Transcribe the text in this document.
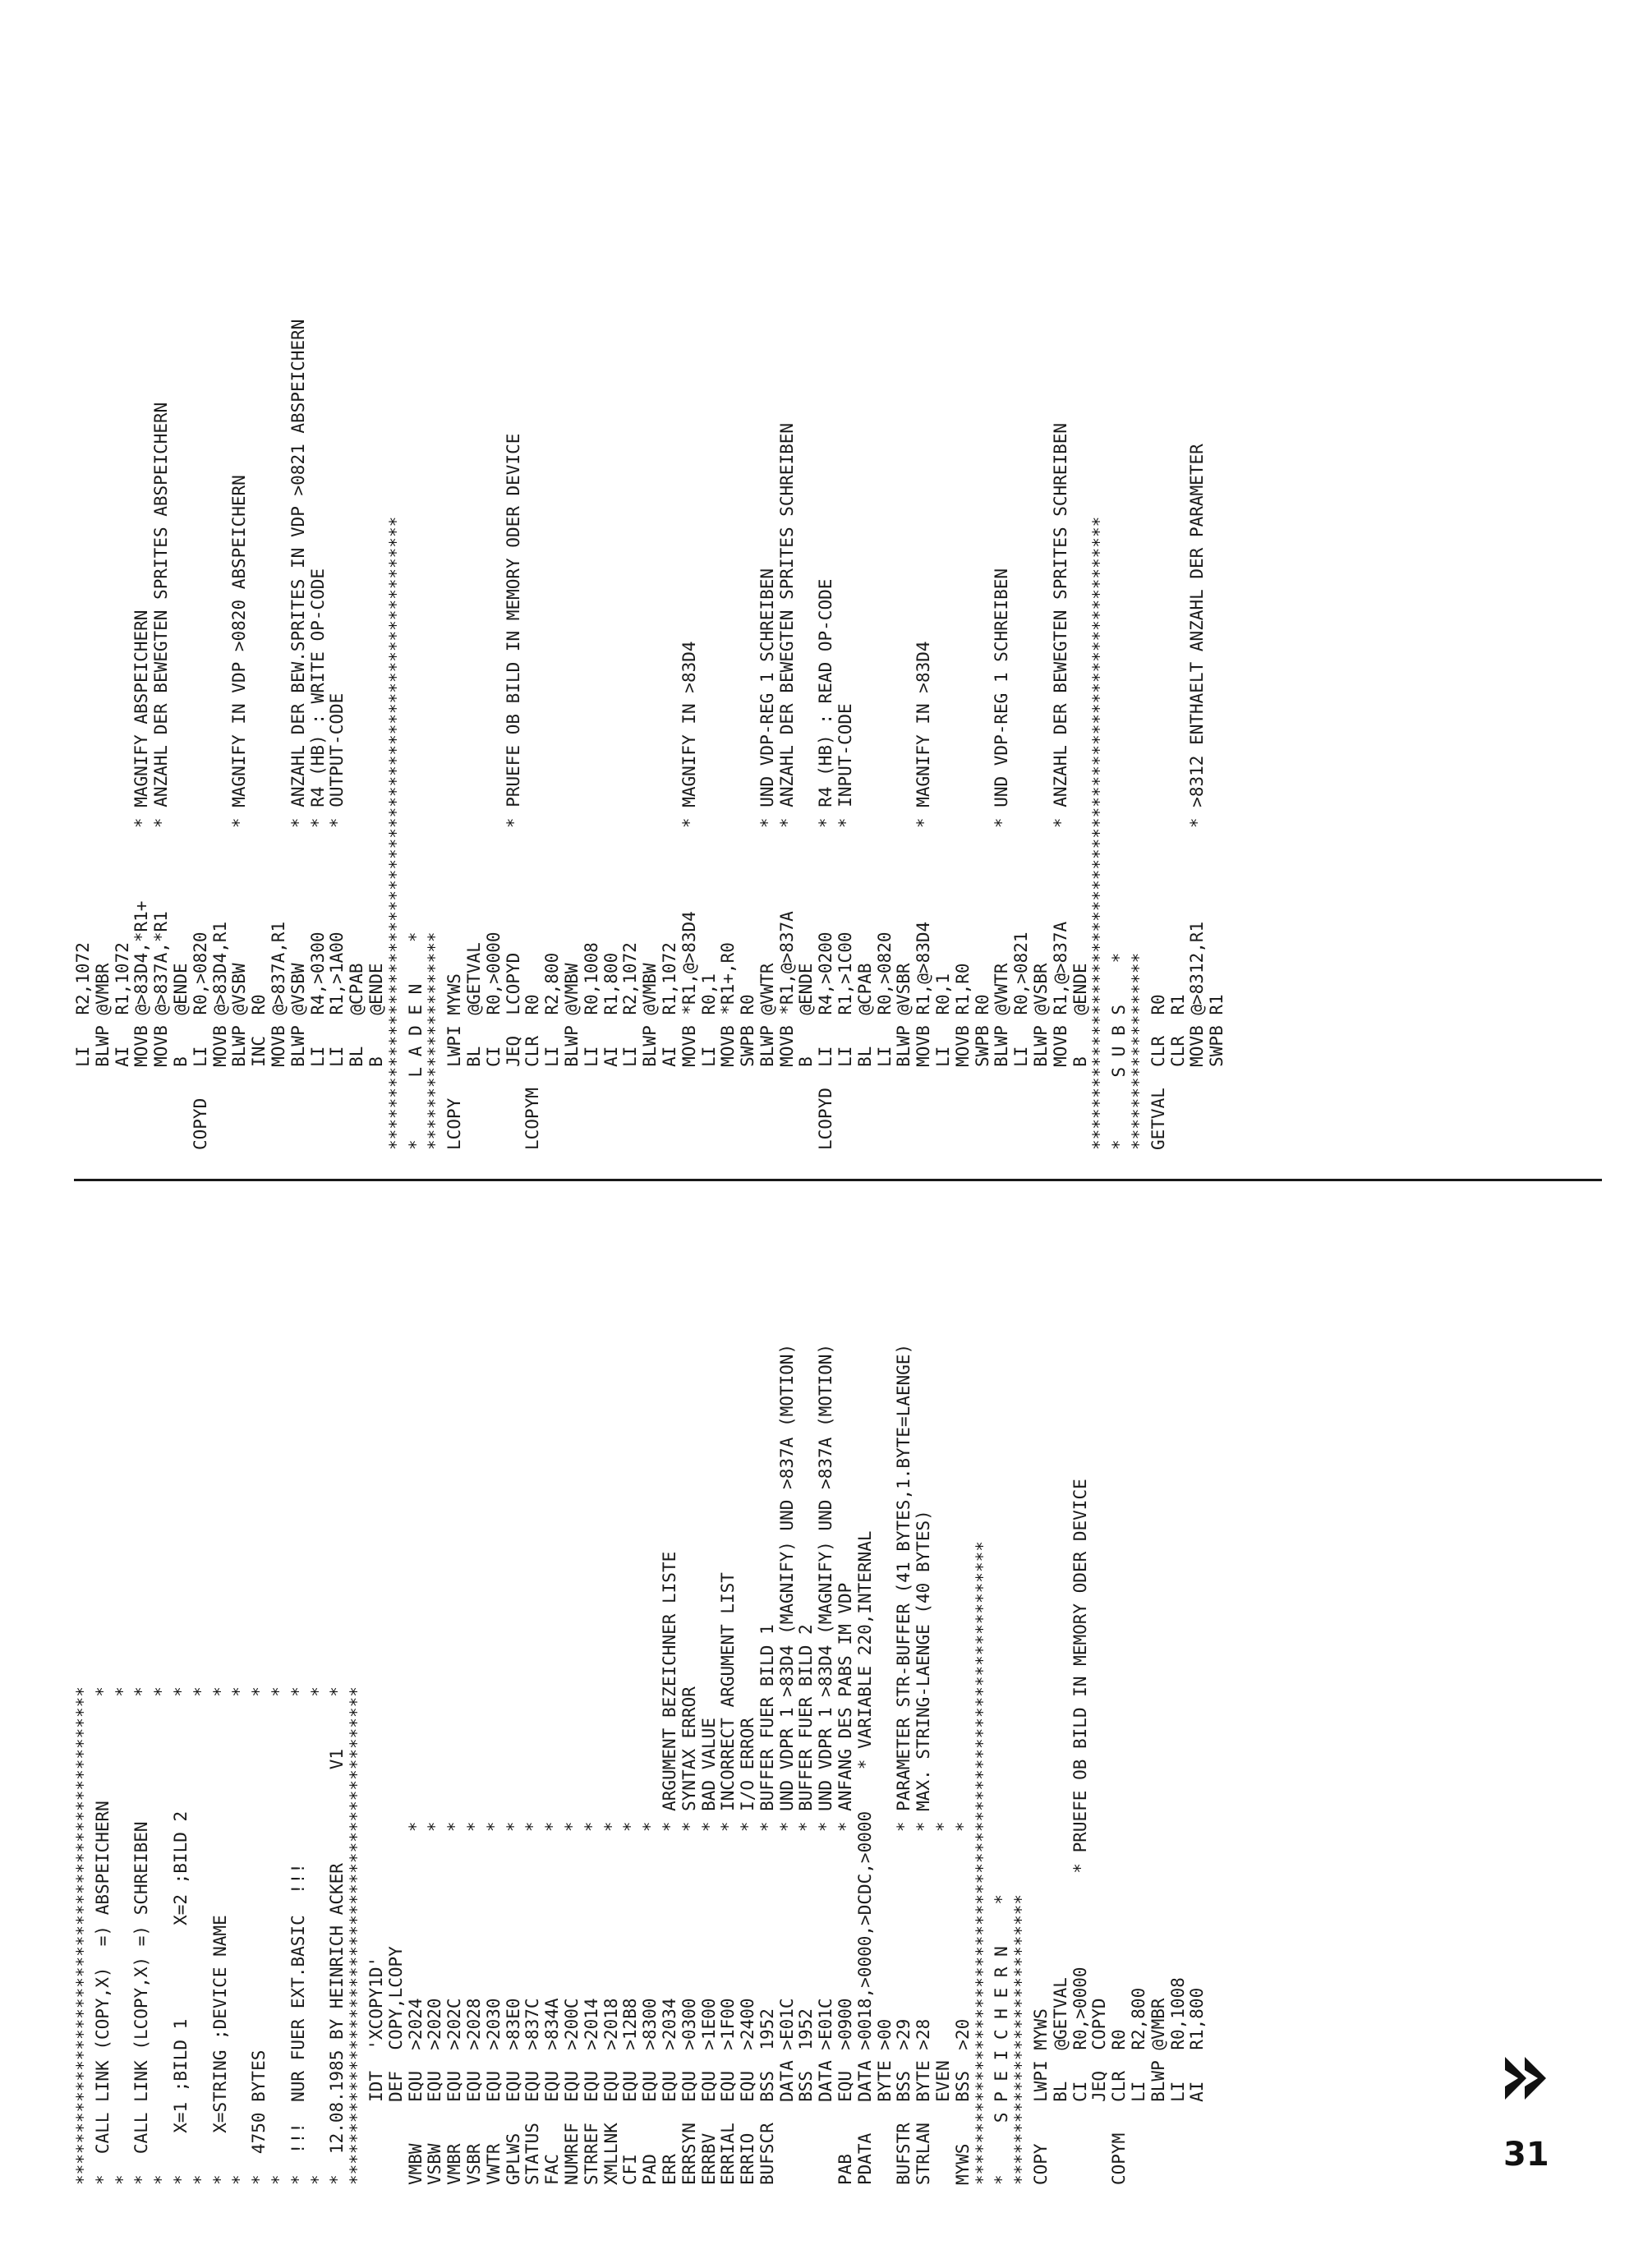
************************************************
*  CALL LINK (COPY,X)  =) ABSPEICHERN          *
*                                              *
*  CALL LINK (LCOPY,X) =) SCHREIBEN            *
*                                              *
*    X=1 ;BILD 1         X=2 ;BILD 2           *
*                                              *
*    X=STRING ;DEVICE NAME                     *
*                                              *
*  4750 BYTES                                  *
*                                              *
*  !!!  NUR FUER EXT.BASIC  !!!                *
*                                              *
*  12.08.1985 BY HEINRICH ACKER         V1     *
************************************************
IDT  'XCOPY1D'
DEF  COPY,LCOPY
VMBW    EQU  >2024                *
VSBW    EQU  >2020                *
VMBR    EQU  >202C                *
VSBR    EQU  >2028                *
VWTR    EQU  >2030                *
GPLWS   EQU  >83E0                *
STATUS  EQU  >837C                *
FAC     EQU  >834A                *
NUMREF  EQU  >200C                *
STRREF  EQU  >2014                *
XMLLNK  EQU  >2018                *
CFI     EQU  >12B8                *
PAD     EQU  >8300                *
ERR     EQU  >2034                * ARGUMENT BEZEICHNER LISTE
ERRSYN  EQU  >0300                * SYNTAX ERROR
ERRBV   EQU  >1E00                * BAD VALUE
ERRIAL  EQU  >1F00                * INCORRECT ARGUMENT LIST
ERRIO   EQU  >2400                * I/O ERROR
BUFSCR  BSS  1952                 * BUFFER FUER BILD 1
DATA >E01C                * UND VDPR 1 >83D4 (MAGNIFY) UND >837A (MOTION)
BSS  1952                 * BUFFER FUER BILD 2
DATA >E01C                * UND VDPR 1 >83D4 (MAGNIFY) UND >837A (MOTION)
PAB     EQU  >0900                * ANFANG DES PABS IM VDP
PDATA   DATA >0018,>0000,>DCDC,>0000    * VARIABLE 220,INTERNAL
BYTE >00
BUFSTR  BSS  >29                  * PARAMETER STR-BUFFER (41 BYTES,1.BYTE=LAENGE)
STRLAN  BYTE >28                  * MAX. STRING-LAENGE (40 BYTES)
EVEN                      *
MYWS    BSS  >20                  *
**************************************************************
*     S P E I C H E R N    *
****************************
COPY    LWPI MYWS
BL   @GETVAL
CI   R0,>0000         * PRUEFE OB BILD IN MEMORY ODER DEVICE
JEQ  COPYD
COPYM   CLR  R0
LI   R2,800
BLWP @VMBR
LI   R0,1008
AI   R1,800
LI   R2,1072
BLWP @VMBR
AI   R1,1072
MOVB @>83D4,*R1+       * MAGNIFY ABSPEICHERN
MOVB @>837A,*R1        * ANZAHL DER BEWEGTEN SPRITES ABSPEICHERN
B    @ENDE
COPYD   LI   R0,>0820
MOVB @>83D4,R1
BLWP @VSBW             * MAGNIFY IN VDP >0820 ABSPEICHERN
INC  R0
MOVB @>837A,R1
BLWP @VSBW             * ANZAHL DER BEW.SPRITES IN VDP >0821 ABSPEICHERN
LI   R4,>0300          * R4 (HB) : WRITE OP-CODE
LI   R1,>1A00          * OUTPUT-CODE
BL   @CPAB
B    @ENDE
*************************************************************
*      L A D E N    *
*********************
LCOPY   LWPI MYWS
BL   @GETVAL
CI   R0,>0000
JEQ  LCOPYD            * PRUEFE OB BILD IN MEMORY ODER DEVICE
LCOPYM  CLR  R0
LI   R2,800
BLWP @VMBW
LI   R0,1008
AI   R1,800
LI   R2,1072
BLWP @VMBW
AI   R1,1072
MOVB *R1,@>83D4        * MAGNIFY IN >83D4
LI   R0,1
MOVB *R1+,R0
SWPB R0
BLWP @VWTR             * UND VDP-REG 1 SCHREIBEN
MOVB *R1,@>837A        * ANZAHL DER BEWEGTEN SPRITES SCHREIBEN
B    @ENDE
LCOPYD  LI   R4,>0200          * R4 (HB) : READ OP-CODE
LI   R1,>1C00          * INPUT-CODE
BL   @CPAB
LI   R0,>0820
BLWP @VSBR
MOVB R1,@>83D4         * MAGNIFY IN >83D4
LI   R0,1
MOVB R1,R0
SWPB R0
BLWP @VWTR             * UND VDP-REG 1 SCHREIBEN
LI   R0,>0821
BLWP @VSBR
MOVB R1,@>837A         * ANZAHL DER BEWEGTEN SPRITES SCHREIBEN
B    @ENDE
*************************************************************
*      S U B S    *
*******************
GETVAL  CLR  R0
CLR  R1
MOVB @>8312,R1         * >8312 ENTHAELT ANZAHL DER PARAMETER
SWPB R1
31
